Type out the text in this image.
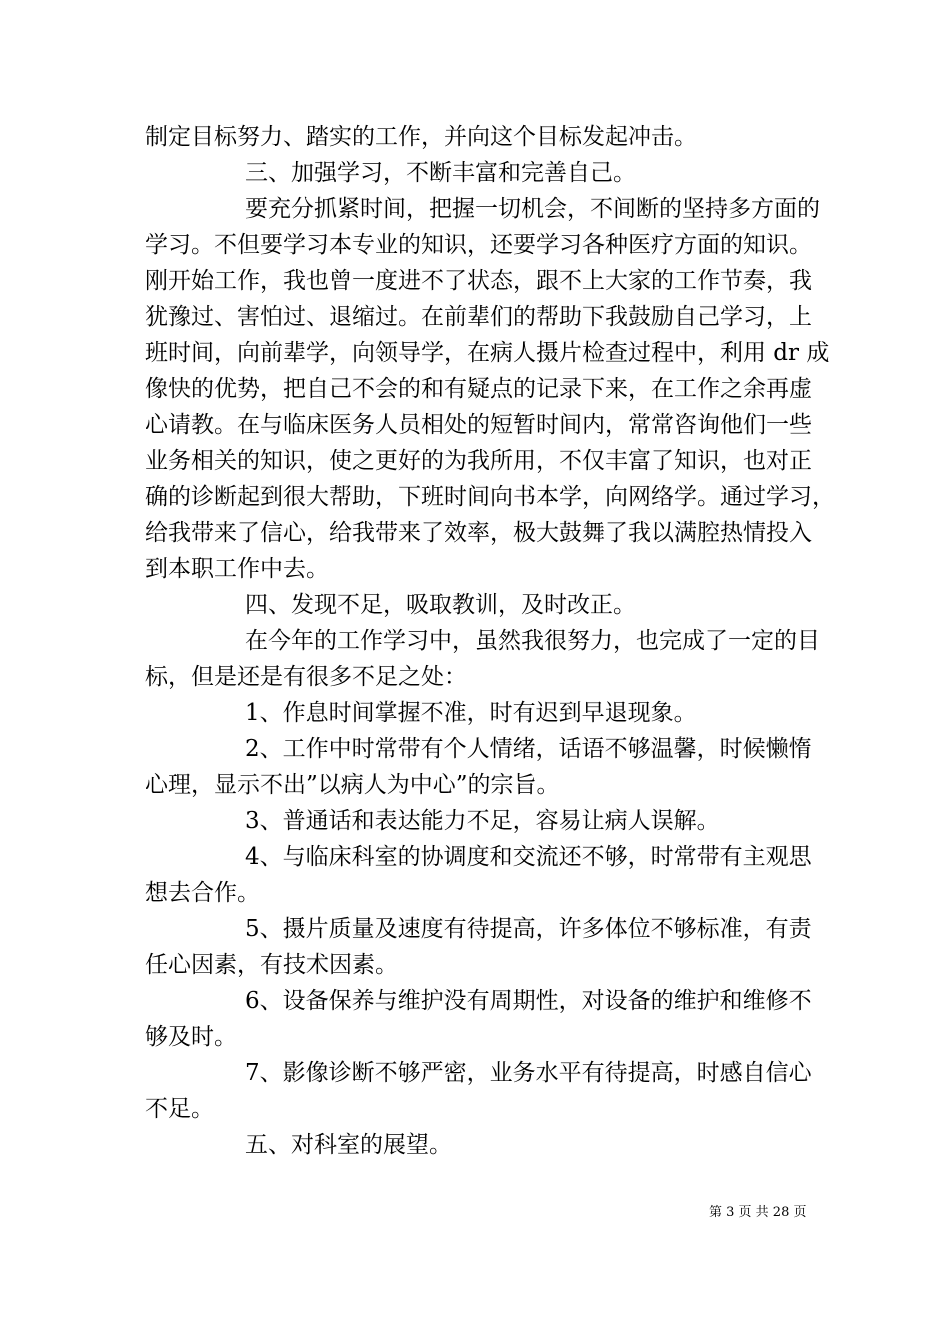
制定目标努力、踏实的工作，并向这个目标发起冲击。

三、加强学习，不断丰富和完善自己。

要充分抓紧时间，把握一切机会，不间断的坚持多方面的

学习。不但要学习本专业的知识，还要学习各种医疗方面的知识。

刚开始工作，我也曾一度进不了状态，跟不上大家的工作节奏，我

犹豫过、害怕过、退缩过。在前辈们的帮助下我鼓励自己学习，上

班时间，向前辈学，向领导学，在病人摄片检查过程中，利用 dr 成

像快的优势，把自己不会的和有疑点的记录下来，在工作之余再虚

心请教。在与临床医务人员相处的短暂时间内，常常咨询他们一些

业务相关的知识，使之更好的为我所用，不仅丰富了知识，也对正

确的诊断起到很大帮助，下班时间向书本学，向网络学。通过学习，

给我带来了信心，给我带来了效率，极大鼓舞了我以满腔热情投入

到本职工作中去。

四、发现不足，吸取教训，及时改正。

在今年的工作学习中，虽然我很努力，也完成了一定的目

标，但是还是有很多不足之处：

1、作息时间掌握不准，时有迟到早退现象。

2、工作中时常带有个人情绪，话语不够温馨，时候懒惰

心理，显示不出”以病人为中心”的宗旨。

3、普通话和表达能力不足，容易让病人误解。

4、与临床科室的协调度和交流还不够，时常带有主观思

想去合作。

5、摄片质量及速度有待提高，许多体位不够标准，有责

任心因素，有技术因素。

6、设备保养与维护没有周期性，对设备的维护和维修不

够及时。

7、影像诊断不够严密，业务水平有待提高，时感自信心

不足。

五、对科室的展望。

第 3 页 共 28 页
